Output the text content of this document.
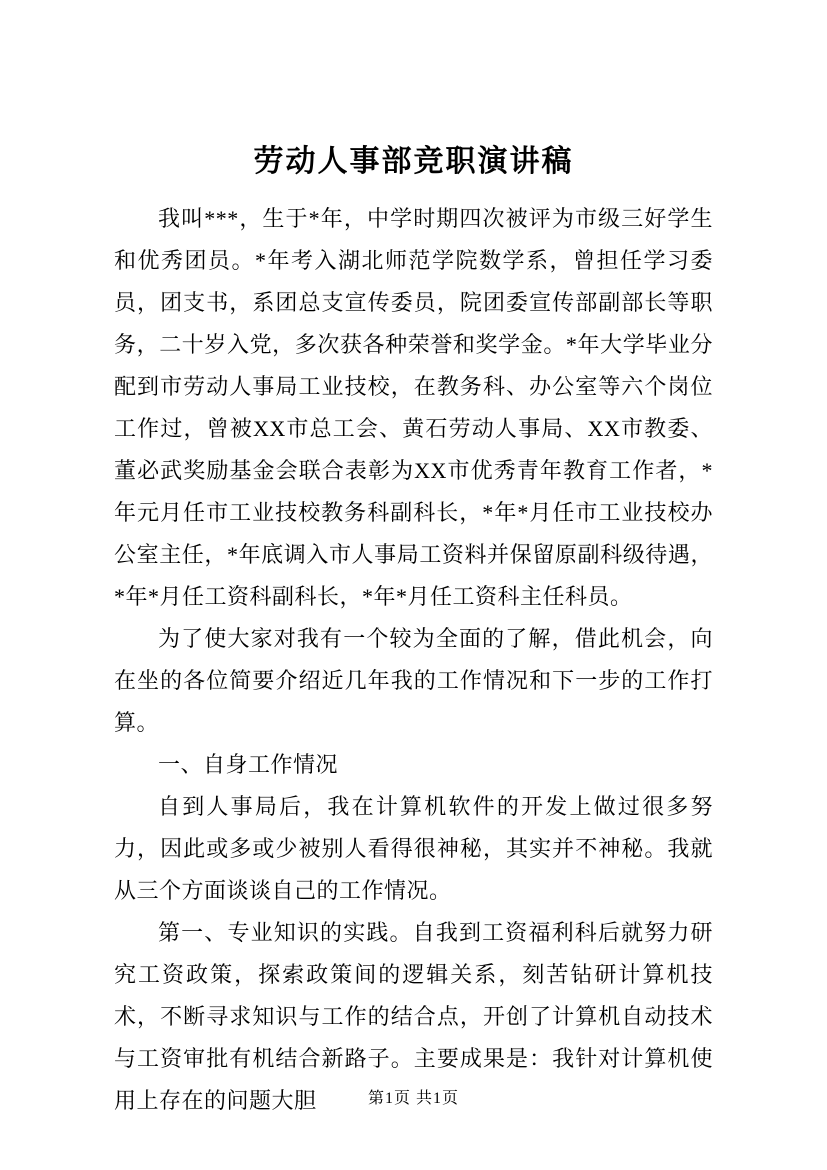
劳动人事部竞职演讲稿

我叫***，生于*年，中学时期四次被评为市级三好学生和优秀团员。*年考入湖北师范学院数学系，曾担任学习委员，团支书，系团总支宣传委员，院团委宣传部副部长等职务，二十岁入党，多次获各种荣誉和奖学金。*年大学毕业分配到市劳动人事局工业技校，在教务科、办公室等六个岗位工作过，曾被XX市总工会、黄石劳动人事局、XX市教委、董必武奖励基金会联合表彰为XX市优秀青年教育工作者，*年元月任市工业技校教务科副科长，*年*月任市工业技校办公室主任，*年底调入市人事局工资料并保留原副科级待遇，*年*月任工资科副科长，*年*月任工资科主任科员。

为了使大家对我有一个较为全面的了解，借此机会，向在坐的各位简要介绍近几年我的工作情况和下一步的工作打算。

一、自身工作情况

自到人事局后，我在计算机软件的开发上做过很多努力，因此或多或少被别人看得很神秘，其实并不神秘。我就从三个方面谈谈自己的工作情况。

第一、专业知识的实践。自我到工资福利科后就努力研究工资政策，探索政策间的逻辑关系，刻苦钻研计算机技术，不断寻求知识与工作的结合点，开创了计算机自动技术与工资审批有机结合新路子。主要成果是：我针对计算机使用上存在的问题大胆	第1页 共1页
